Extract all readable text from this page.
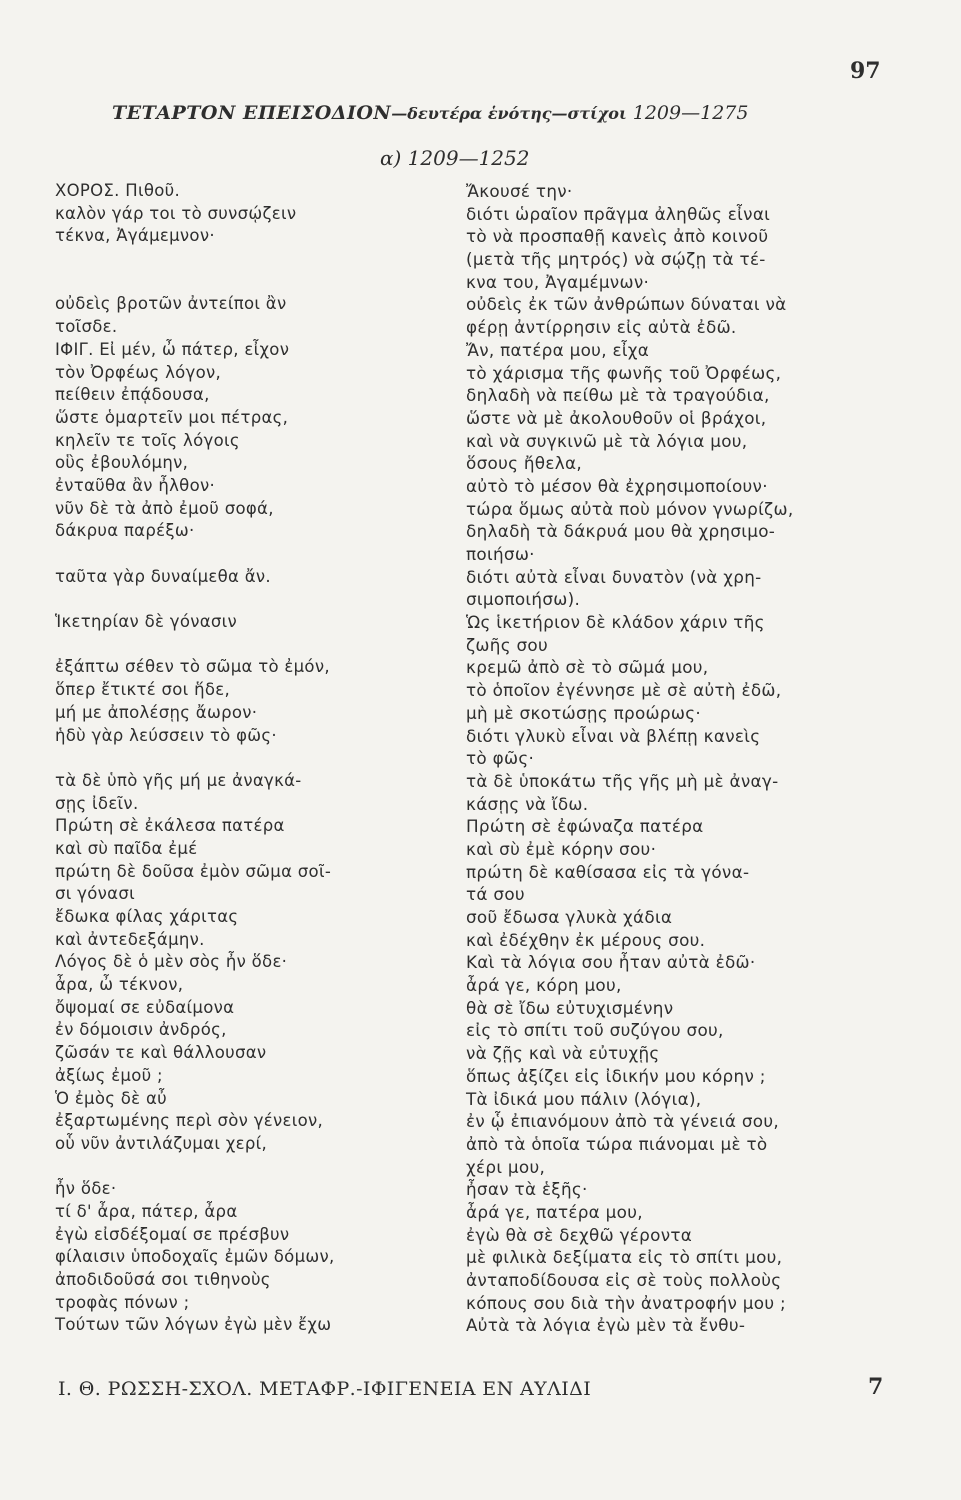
97
ΤΕΤΑΡΤΟΝ ΕΠΕΙΣΟΔΙΟΝ—δευτέρα ἑνότης—στίχοι 1209—1275
α) 1209—1252
ΧΟΡΟΣ. Πιθοῦ.
καλὸν γάρ τοι τὸ συνσῴζειν
τέκνα, Ἀγάμεμνον·
οὐδεὶς βροτῶν ἀντείποι ἂν
τοῖσδε.
ΙΦΙΓ. Εἰ μέν, ὦ πάτερ, εἶχον
τὸν Ὀρφέως λόγον,
πείθειν ἐπᾴδουσα,
ὥστε ὁμαρτεῖν μοι πέτρας,
κηλεῖν τε τοῖς λόγοις
οὓς ἐβουλόμην,
ἐνταῦθα ἂν ἦλθον·
νῦν δὲ τὰ ἀπὸ ἐμοῦ σοφά,
δάκρυα παρέξω·
ταῦτα γὰρ δυναίμεθα ἄν.
Ἱκετηρίαν δὲ γόνασιν
ἐξάπτω σέθεν τὸ σῶμα τὸ ἐμόν,
ὅπερ ἔτικτέ σοι ἥδε,
μή με ἀπολέσῃς ἄωρον·
ἡδὺ γὰρ λεύσσειν τὸ φῶς·
τὰ δὲ ὑπὸ γῆς μή με ἀναγκά-
σῃς ἰδεῖν.
Πρώτη σὲ ἐκάλεσα πατέρα
καὶ σὺ παῖδα ἐμέ
πρώτη δὲ δοῦσα ἐμὸν σῶμα σοῖ-
σι γόνασι
ἔδωκα φίλας χάριτας
καὶ ἀντεδεξάμην.
Λόγος δὲ ὁ μὲν σὸς ἦν ὅδε·
ἆρα, ὦ τέκνον,
ὄψομαί σε εὐδαίμονα
ἐν δόμοισιν ἀνδρός,
ζῶσάν τε καὶ θάλλουσαν
ἀξίως ἐμοῦ ;
Ὁ ἐμὸς δὲ αὖ
ἐξαρτωμένης περὶ σὸν γένειον,
οὗ νῦν ἀντιλάζυμαι χερί,
ἦν ὅδε·
τί δ' ἆρα, πάτερ, ἆρα
ἐγὼ εἰσδέξομαί σε πρέσβυν
φίλαισιν ὑποδοχαῖς ἐμῶν δόμων,
ἀποδιδοῦσά σοι τιθηνοὺς
τροφὰς πόνων ;
Τούτων τῶν λόγων ἐγὼ μὲν ἔχω
Ἄκουσέ την·
διότι ὡραῖον πρᾶγμα ἀληθῶς εἶναι
τὸ νὰ προσπαθῇ κανεὶς ἀπὸ κοινοῦ
(μετὰ τῆς μητρός) νὰ σῴζῃ τὰ τέ-
κνα του, Ἀγαμέμνων·
οὐδεὶς ἐκ τῶν ἀνθρώπων δύναται νὰ
φέρῃ ἀντίρρησιν εἰς αὐτὰ ἐδῶ.
Ἄν, πατέρα μου, εἶχα
τὸ χάρισμα τῆς φωνῆς τοῦ Ὀρφέως,
δηλαδὴ νὰ πείθω μὲ τὰ τραγούδια,
ὥστε νὰ μὲ ἀκολουθοῦν οἱ βράχοι,
καὶ νὰ συγκινῶ μὲ τὰ λόγια μου,
ὅσους ἤθελα,
αὐτὸ τὸ μέσον θὰ ἐχρησιμοποίουν·
τώρα ὅμως αὐτὰ ποὺ μόνον γνωρίζω,
δηλαδὴ τὰ δάκρυά μου θὰ χρησιμο-
ποιήσω·
διότι αὐτὰ εἶναι δυνατὸν (νὰ χρη-
σιμοποιήσω).
Ὡς ἱκετήριον δὲ κλάδον χάριν τῆς
ζωῆς σου
κρεμῶ ἀπὸ σὲ τὸ σῶμά μου,
τὸ ὁποῖον ἐγέννησε μὲ σὲ αὐτὴ ἐδῶ,
μὴ μὲ σκοτώσῃς προώρως·
διότι γλυκὺ εἶναι νὰ βλέπῃ κανεὶς
τὸ φῶς·
τὰ δὲ ὑποκάτω τῆς γῆς μὴ μὲ ἀναγ-
κάσῃς νὰ ἴδω.
Πρώτη σὲ ἐφώναζα πατέρα
καὶ σὺ ἐμὲ κόρην σου·
πρώτη δὲ καθίσασα εἰς τὰ γόνα-
τά σου
σοῦ ἔδωσα γλυκὰ χάδια
καὶ ἐδέχθην ἐκ μέρους σου.
Καὶ τὰ λόγια σου ἦταν αὐτὰ ἐδῶ·
ἆρά γε, κόρη μου,
θὰ σὲ ἴδω εὐτυχισμένην
εἰς τὸ σπίτι τοῦ συζύγου σου,
νὰ ζῇς καὶ νὰ εὐτυχῇς
ὅπως ἀξίζει εἰς ἰδικήν μου κόρην ;
Τὰ ἰδικά μου πάλιν (λόγια),
ἐν ᾧ ἐπιανόμουν ἀπὸ τὰ γένειά σου,
ἀπὸ τὰ ὁποῖα τώρα πιάνομαι μὲ τὸ
χέρι μου,
ἦσαν τὰ ἑξῆς·
ἆρά γε, πατέρα μου,
ἐγὼ θὰ σὲ δεχθῶ γέροντα
μὲ φιλικὰ δεξίματα εἰς τὸ σπίτι μου,
ἀνταποδίδουσα εἰς σὲ τοὺς πολλοὺς
κόπους σου διὰ τὴν ἀνατροφήν μου ;
Αὐτὰ τὰ λόγια ἐγὼ μὲν τὰ ἔνθυ-
Ι. Θ. ΡΩΣΣΗ-ΣΧΟΛ. ΜΕΤΑΦΡ.-ΙΦΙΓΕΝΕΙΑ ΕΝ ΑΥΛΙΔΙ	7
